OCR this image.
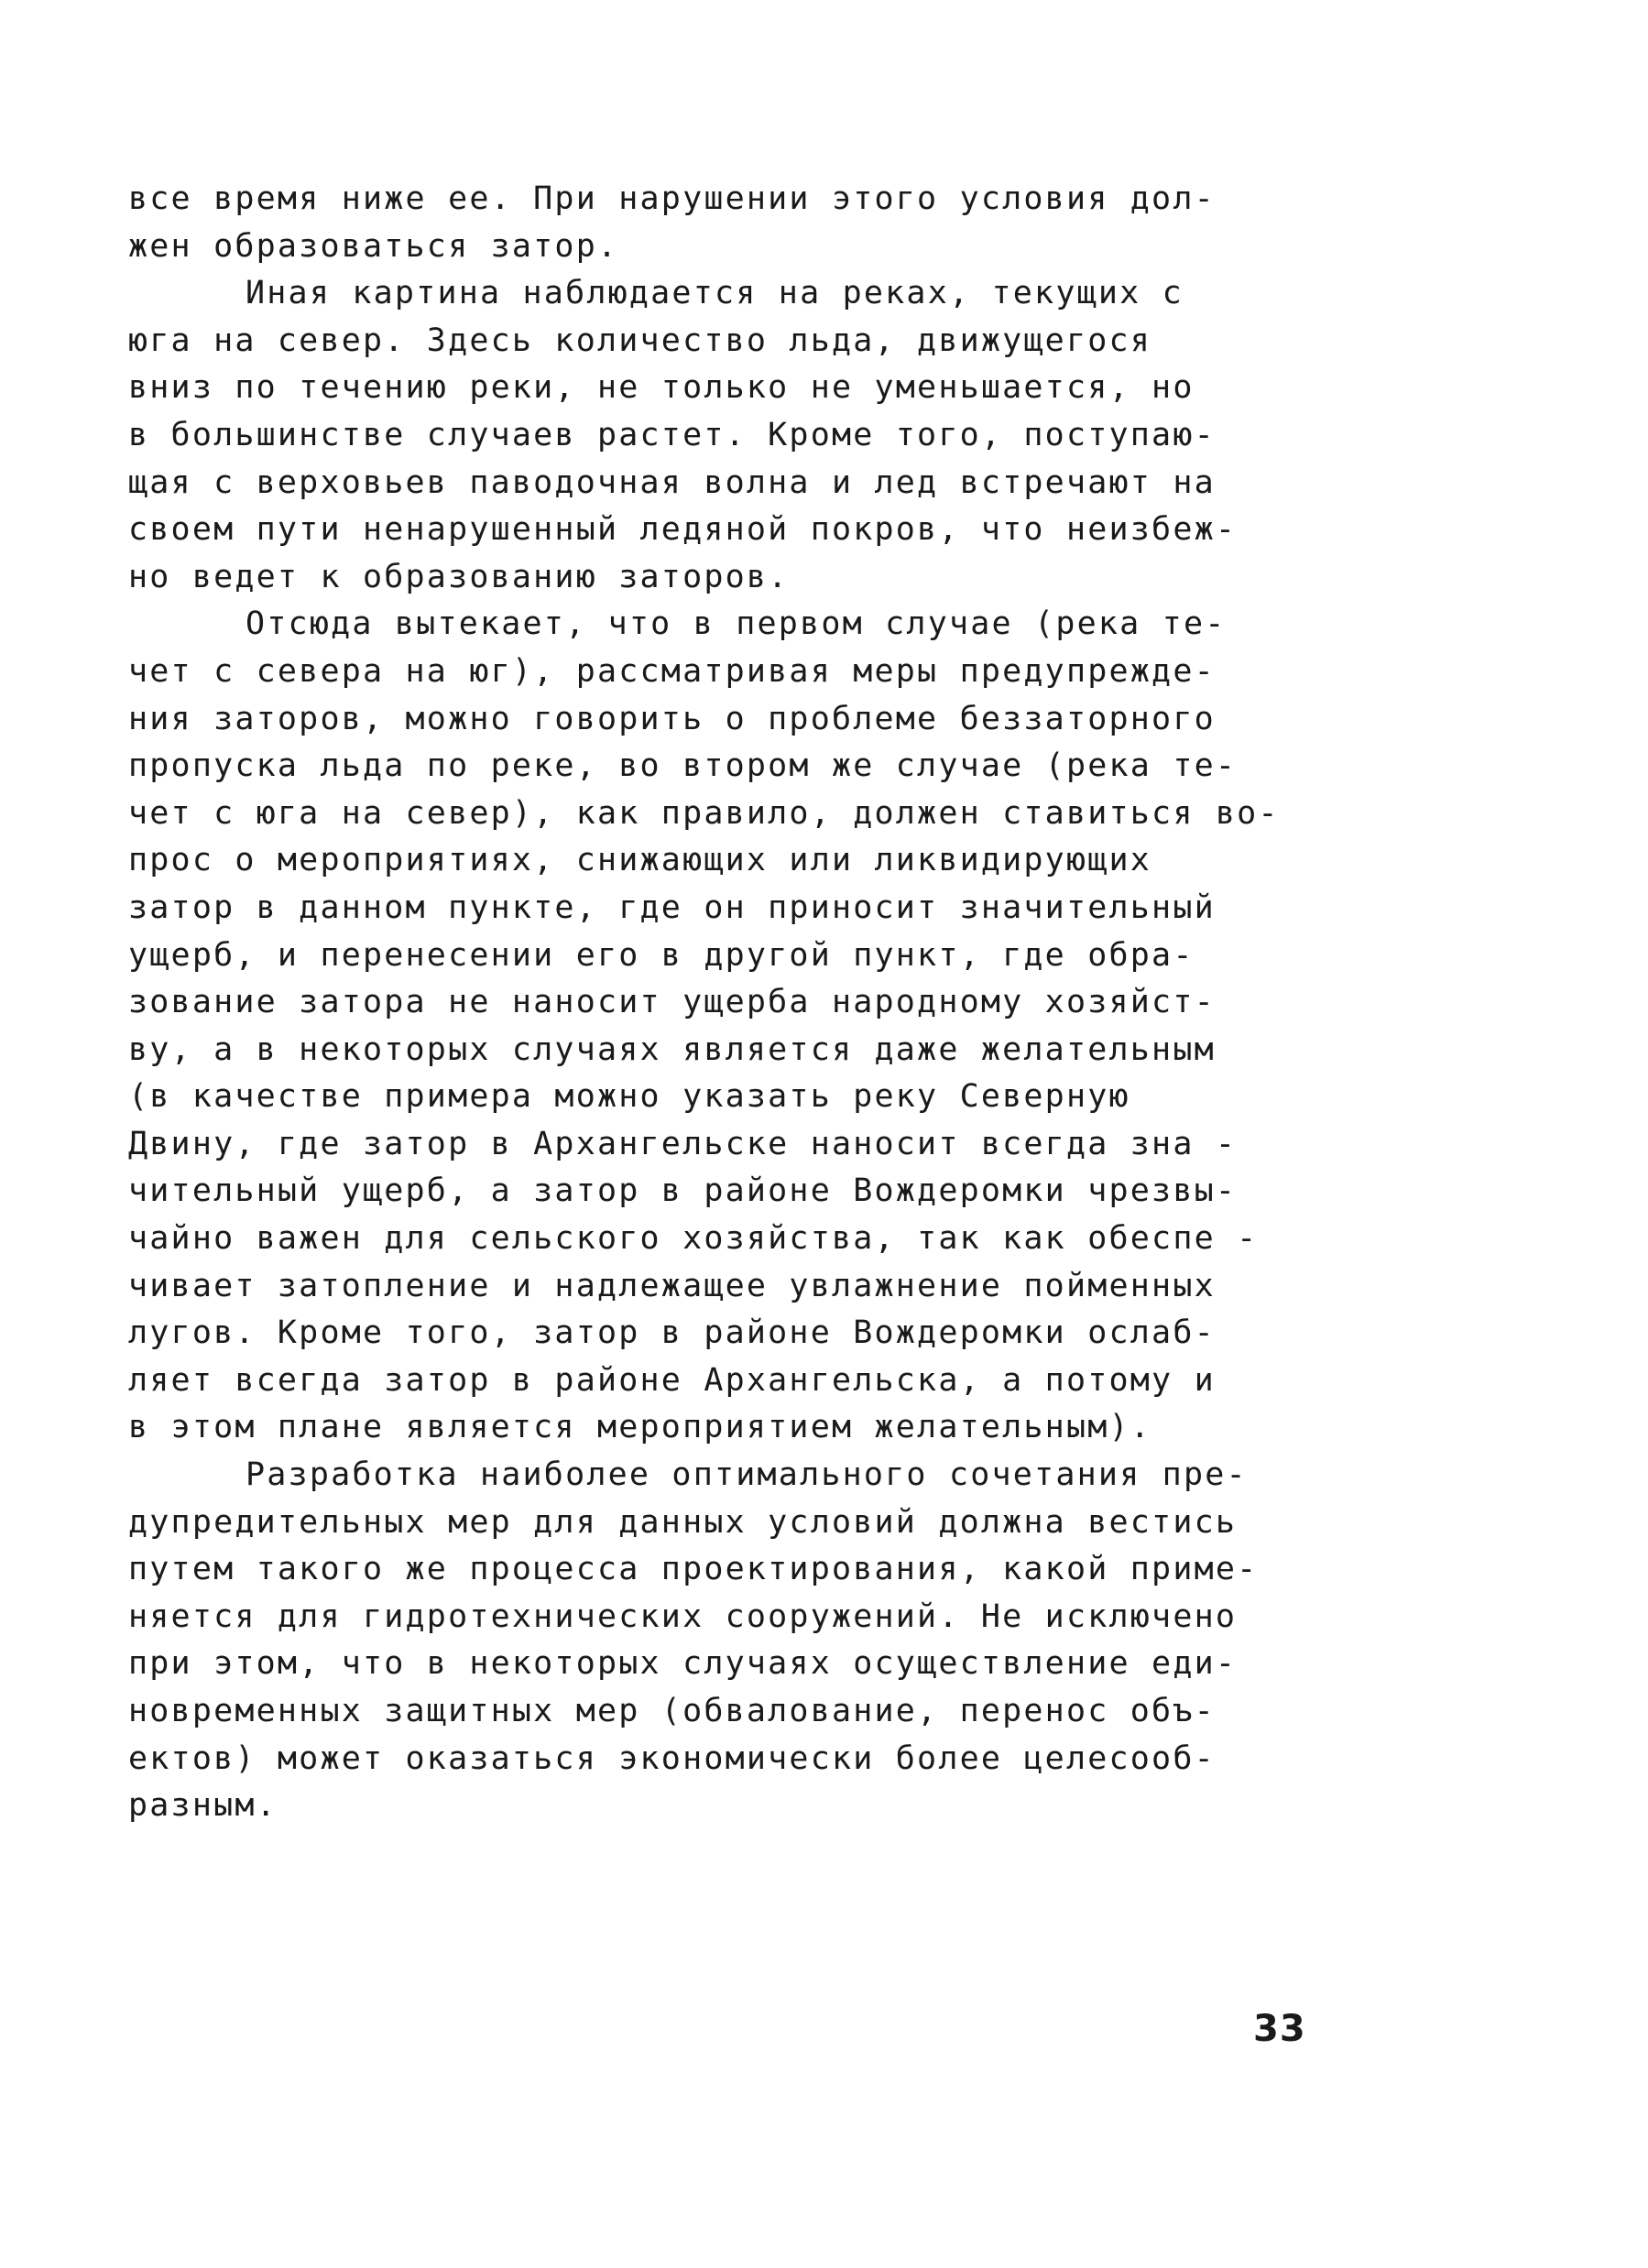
все время ниже ее. При нарушении этого условия дол-
жен образоваться затор.
Иная картина наблюдается на реках, текущих с
юга на север. Здесь количество льда, движущегося
вниз по течению реки, не только не уменьшается, но
в большинстве случаев растет. Кроме того, поступаю-
щая с верховьев паводочная волна и лед встречают на
своем пути ненарушенный ледяной покров, что неизбеж-
но ведет к образованию заторов.
Отсюда вытекает, что в первом случае (река те-
чет с севера на юг), рассматривая меры предупрежде-
ния заторов, можно говорить о проблеме беззаторного
пропуска льда по реке, во втором же случае (река те-
чет с юга на север), как правило, должен ставиться во-
прос о мероприятиях, снижающих или ликвидирующих
затор в данном пункте, где он приносит значительный
ущерб, и перенесении его в другой пункт, где обра-
зование затора не наносит ущерба народному хозяйст-
ву, а в некоторых случаях является даже желательным
(в качестве примера можно указать реку Северную
Двину, где затор в Архангельске наносит всегда зна -
чительный ущерб, а затор в районе Вождеромки чрезвы-
чайно важен для сельского хозяйства, так как обеспе -
чивает затопление и надлежащее увлажнение пойменных
лугов. Кроме того, затор в районе Вождеромки ослаб-
ляет всегда затор в районе Архангельска, а потому и
в этом плане является мероприятием желательным).
Разработка наиболее оптимального сочетания пре-
дупредительных мер для данных условий должна вестись
путем такого же процесса проектирования, какой приме-
няется для гидротехнических сооружений. Не исключено
при этом, что в некоторых случаях осуществление еди-
новременных защитных мер (обвалование, перенос объ-
ектов) может оказаться экономически более целесооб-
разным.
33
